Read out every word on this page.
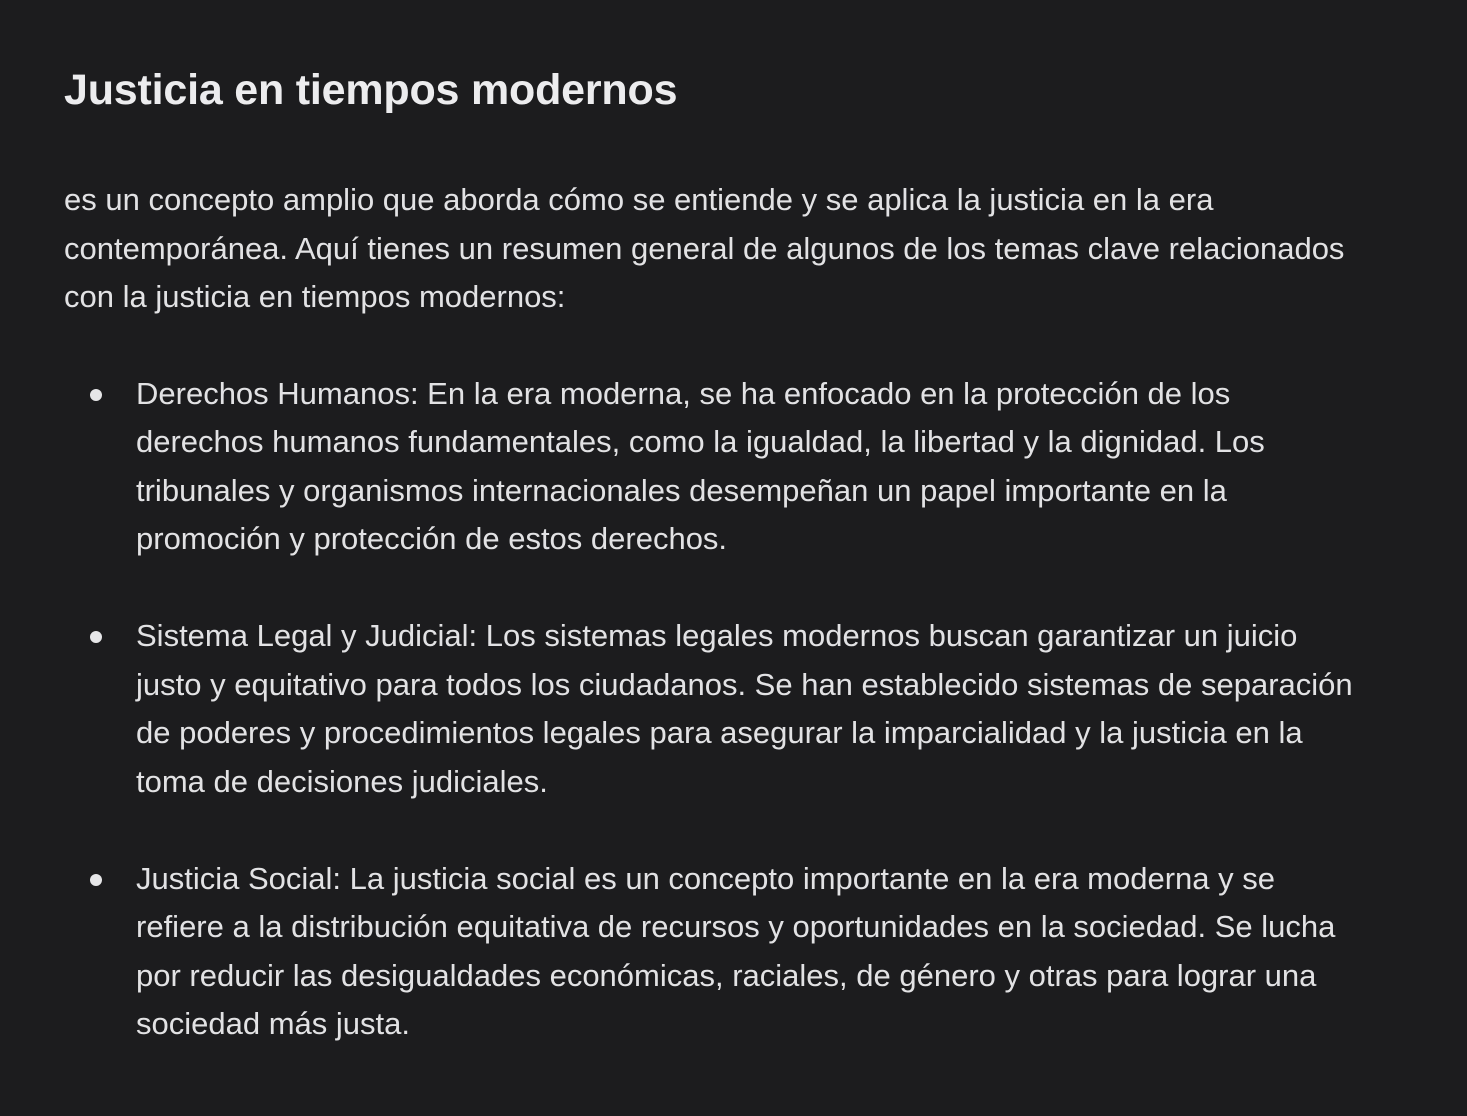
Justicia en tiempos modernos

es un concepto amplio que aborda cómo se entiende y se aplica la justicia en la era contemporánea. Aquí tienes un resumen general de algunos de los temas clave relacionados con la justicia en tiempos modernos:

Derechos Humanos: En la era moderna, se ha enfocado en la protección de los derechos humanos fundamentales, como la igualdad, la libertad y la dignidad. Los tribunales y organismos internacionales desempeñan un papel importante en la promoción y protección de estos derechos.
Sistema Legal y Judicial: Los sistemas legales modernos buscan garantizar un juicio justo y equitativo para todos los ciudadanos. Se han establecido sistemas de separación de poderes y procedimientos legales para asegurar la imparcialidad y la justicia en la toma de decisiones judiciales.
Justicia Social: La justicia social es un concepto importante en la era moderna y se refiere a la distribución equitativa de recursos y oportunidades en la sociedad. Se lucha por reducir las desigualdades económicas, raciales, de género y otras para lograr una sociedad más justa.
